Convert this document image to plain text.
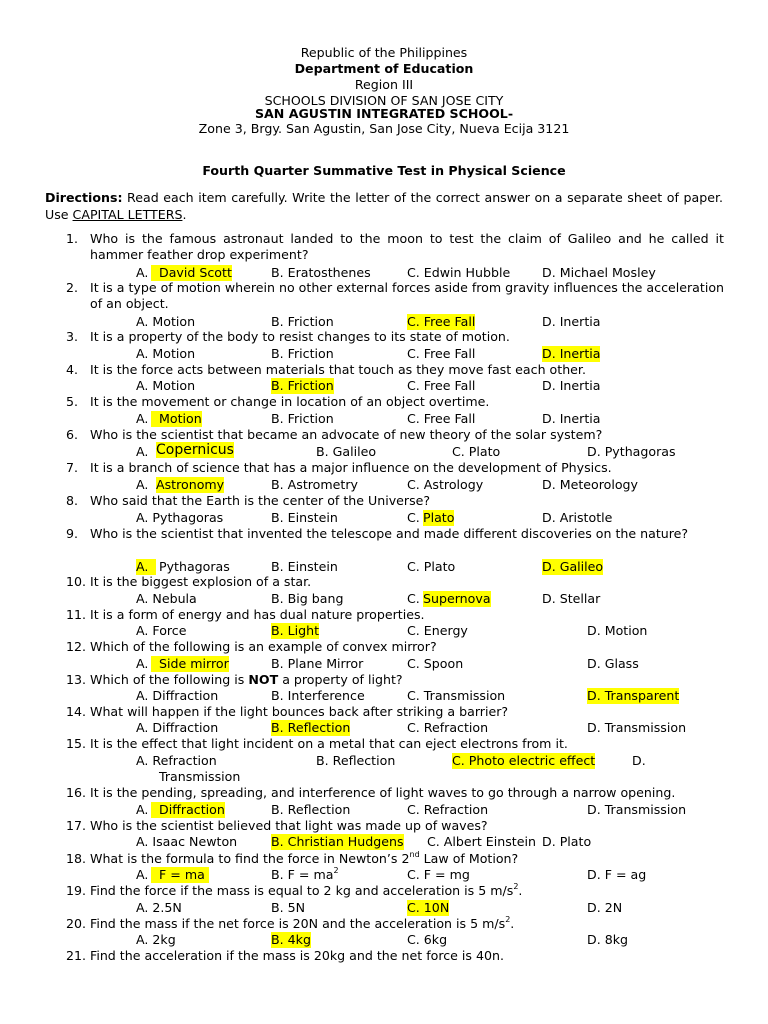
Republic of the Philippines
Department of Education
Region III
SCHOOLS DIVISION OF SAN JOSE CITY
SAN AGUSTIN INTEGRATED SCHOOL-
Zone 3, Brgy. San Agustin, San Jose City, Nueva Ecija 3121
Fourth Quarter Summative Test in Physical Science
Directions: Read each item carefully. Write the letter of the correct answer on a separate sheet of paper. Use CAPITAL LETTERS.
1. Who is the famous astronaut landed to the moon to test the claim of Galileo and he called it hammer feather drop experiment?
A. David Scott	B. Eratosthenes	C. Edwin Hubble	D. Michael Mosley
2. It is a type of motion wherein no other external forces aside from gravity influences the acceleration of an object.
A. Motion	B. Friction	C. Free Fall	D. Inertia
3. It is a property of the body to resist changes to its state of motion.
A. Motion	B. Friction	C. Free Fall	D. Inertia
4. It is the force acts between materials that touch as they move fast each other.
A. Motion	B. Friction	C. Free Fall	D. Inertia
5. It is the movement or change in location of an object overtime.
A. Motion	B. Friction	C. Free Fall	D. Inertia
6. Who is the scientist that became an advocate of new theory of the solar system?
A. Copernicus	B. Galileo	C. Plato	D. Pythagoras
7. It is a branch of science that has a major influence on the development of Physics.
A. Astronomy	B. Astrometry	C. Astrology	D. Meteorology
8. Who said that the Earth is the center of the Universe?
A. Pythagoras	B. Einstein	C. Plato	D. Aristotle
9. Who is the scientist that invented the telescope and made different discoveries on the nature?
A. Pythagoras	B. Einstein	C. Plato	D. Galileo
10. It is the biggest explosion of a star.
A. Nebula	B. Big bang	C. Supernova	D. Stellar
11. It is a form of energy and has dual nature properties.
A. Force	B. Light	C. Energy	D. Motion
12. Which of the following is an example of convex mirror?
A. Side mirror	B. Plane Mirror	C. Spoon	D. Glass
13. Which of the following is NOT a property of light?
A. Diffraction	B. Interference	C. Transmission	D. Transparent
14. What will happen if the light bounces back after striking a barrier?
A. Diffraction	B. Reflection	C. Refraction	D. Transmission
15. It is the effect that light incident on a metal that can eject electrons from it.
A. Refraction	B. Reflection	C. Photo electric effect	D.
Transmission
16. It is the pending, spreading, and interference of light waves to go through a narrow opening.
A. Diffraction	B. Reflection	C. Refraction	D. Transmission
17. Who is the scientist believed that light was made up of waves?
A. Isaac Newton	B. Christian Hudgens C. Albert Einstein D. Plato
18. What is the formula to find the force in Newton’s 2nd Law of Motion?
A. F = ma	B. $F = ma^2$	C. F = mg	D. F = ag
19. Find the force if the mass is equal to 2 kg and acceleration is 5 $m/s^2$.
A. 2.5N	B. 5N	C. 10N	D. 2N
20. Find the mass if the net force is 20N and the acceleration is 5 $m/s^2$.
A. 2kg	B. 4kg	C. 6kg	D. 8kg
21. Find the acceleration if the mass is 20kg and the net force is 40n.
